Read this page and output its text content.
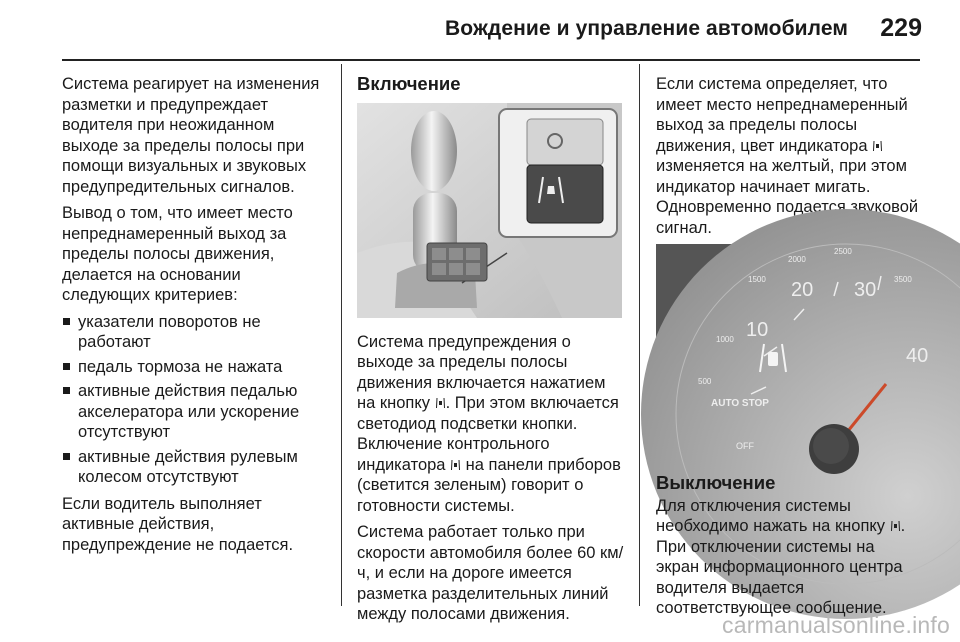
Вождение и управление автомобилем 229

Система реагирует на изменения разметки и предупреждает водителя при неожиданном выходе за пределы полосы при помощи визуальных и звуковых предупредительных сигналов.

Вывод о том, что имеет место непреднамеренный выход за пределы полосы движения, делается на основании следующих критериев:

указатели поворотов не работают
педаль тормоза не нажата
активные действия педалью акселератора или ускорение отсутствуют
активные действия рулевым колесом отсутствуют

Если водитель выполняет активные действия, предупреждение не подается.

Включение

Система предупреждения о выходе за пределы полосы движения включается нажатием на кнопку . При этом включается светодиод подсветки кнопки. Включение контрольного индикатора  на панели приборов (светится зеленым) говорит о готовности системы.

Система работает только при скорости автомобиля более 60 км/ч, и если на дороге имеется разметка разделительных линий между полосами движения.

Если система определяет, что имеет место непреднамеренный выход за пределы полосы движения, цвет индикатора  изменяется на желтый, при этом индикатор начинает мигать. Одновременно подается звуковой сигнал.

10
20 30
40
500
1000
1500
2000
2500
3500
AUTO STOP
OFF
Выключение

Для отключения системы необходимо нажать на кнопку . При отключении системы на экран информационного центра водителя выдается соответствующее сообщение.

carmanualsonline.info
